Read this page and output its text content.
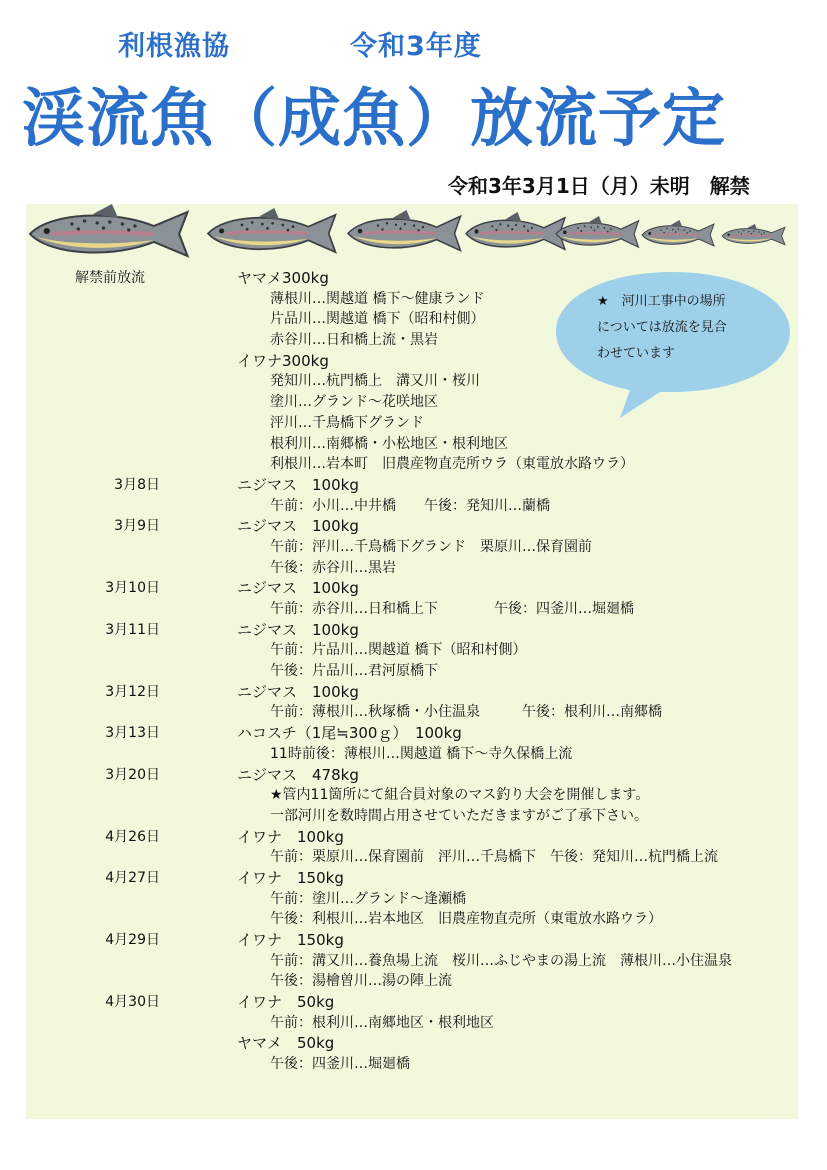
利根漁協	令和3年度
渓流魚（成魚）放流予定
令和3年3月1日（月）未明　解禁
★　河川工事中の場所
については放流を見合
わせています
解禁前放流	ヤマメ300kg
薄根川…関越道 橋下～健康ランド
片品川…関越道 橋下（昭和村側）
赤谷川…日和橋上流・黒岩
イワナ300kg
発知川…杭門橋上　溝又川・桜川
塗川…グランド～花咲地区
泙川…千鳥橋下グランド
根利川…南郷橋・小松地区・根利地区
利根川…岩本町　旧農産物直売所ウラ（東電放水路ウラ）
3月8日	ニジマス　100kg
午前：小川…中井橋　　午後：発知川…蘭橋
3月9日	ニジマス　100kg
午前：泙川…千鳥橋下グランド　栗原川…保育園前
午後：赤谷川…黒岩
3月10日	ニジマス　100kg
午前：赤谷川…日和橋上下　　　　午後：四釜川…堀廻橋
3月11日	ニジマス　100kg
午前：片品川…関越道 橋下（昭和村側）
午後：片品川…君河原橋下
3月12日	ニジマス　100kg
午前：薄根川…秋塚橋・小住温泉　　　午後：根利川…南郷橋
3月13日	ハコスチ（1尾≒300ｇ）　100kg
11時前後：薄根川…関越道 橋下～寺久保橋上流
3月20日	ニジマス　478kg
★管内11箇所にて組合員対象のマス釣り大会を開催します。
一部河川を数時間占用させていただきますがご了承下さい。
4月26日	イワナ　100kg
午前：栗原川…保育園前　泙川…千鳥橋下　午後：発知川…杭門橋上流
4月27日	イワナ　150kg
午前：塗川…グランド～逢瀬橋
午後：利根川…岩本地区　旧農産物直売所（東電放水路ウラ）
4月29日	イワナ　150kg
午前：溝又川…養魚場上流　桜川…ふじやまの湯上流　薄根川…小住温泉
午後：湯檜曽川…湯の陣上流
4月30日	イワナ　50kg
午前：根利川…南郷地区・根利地区
ヤマメ　50kg
午後：四釜川…堀廻橋
